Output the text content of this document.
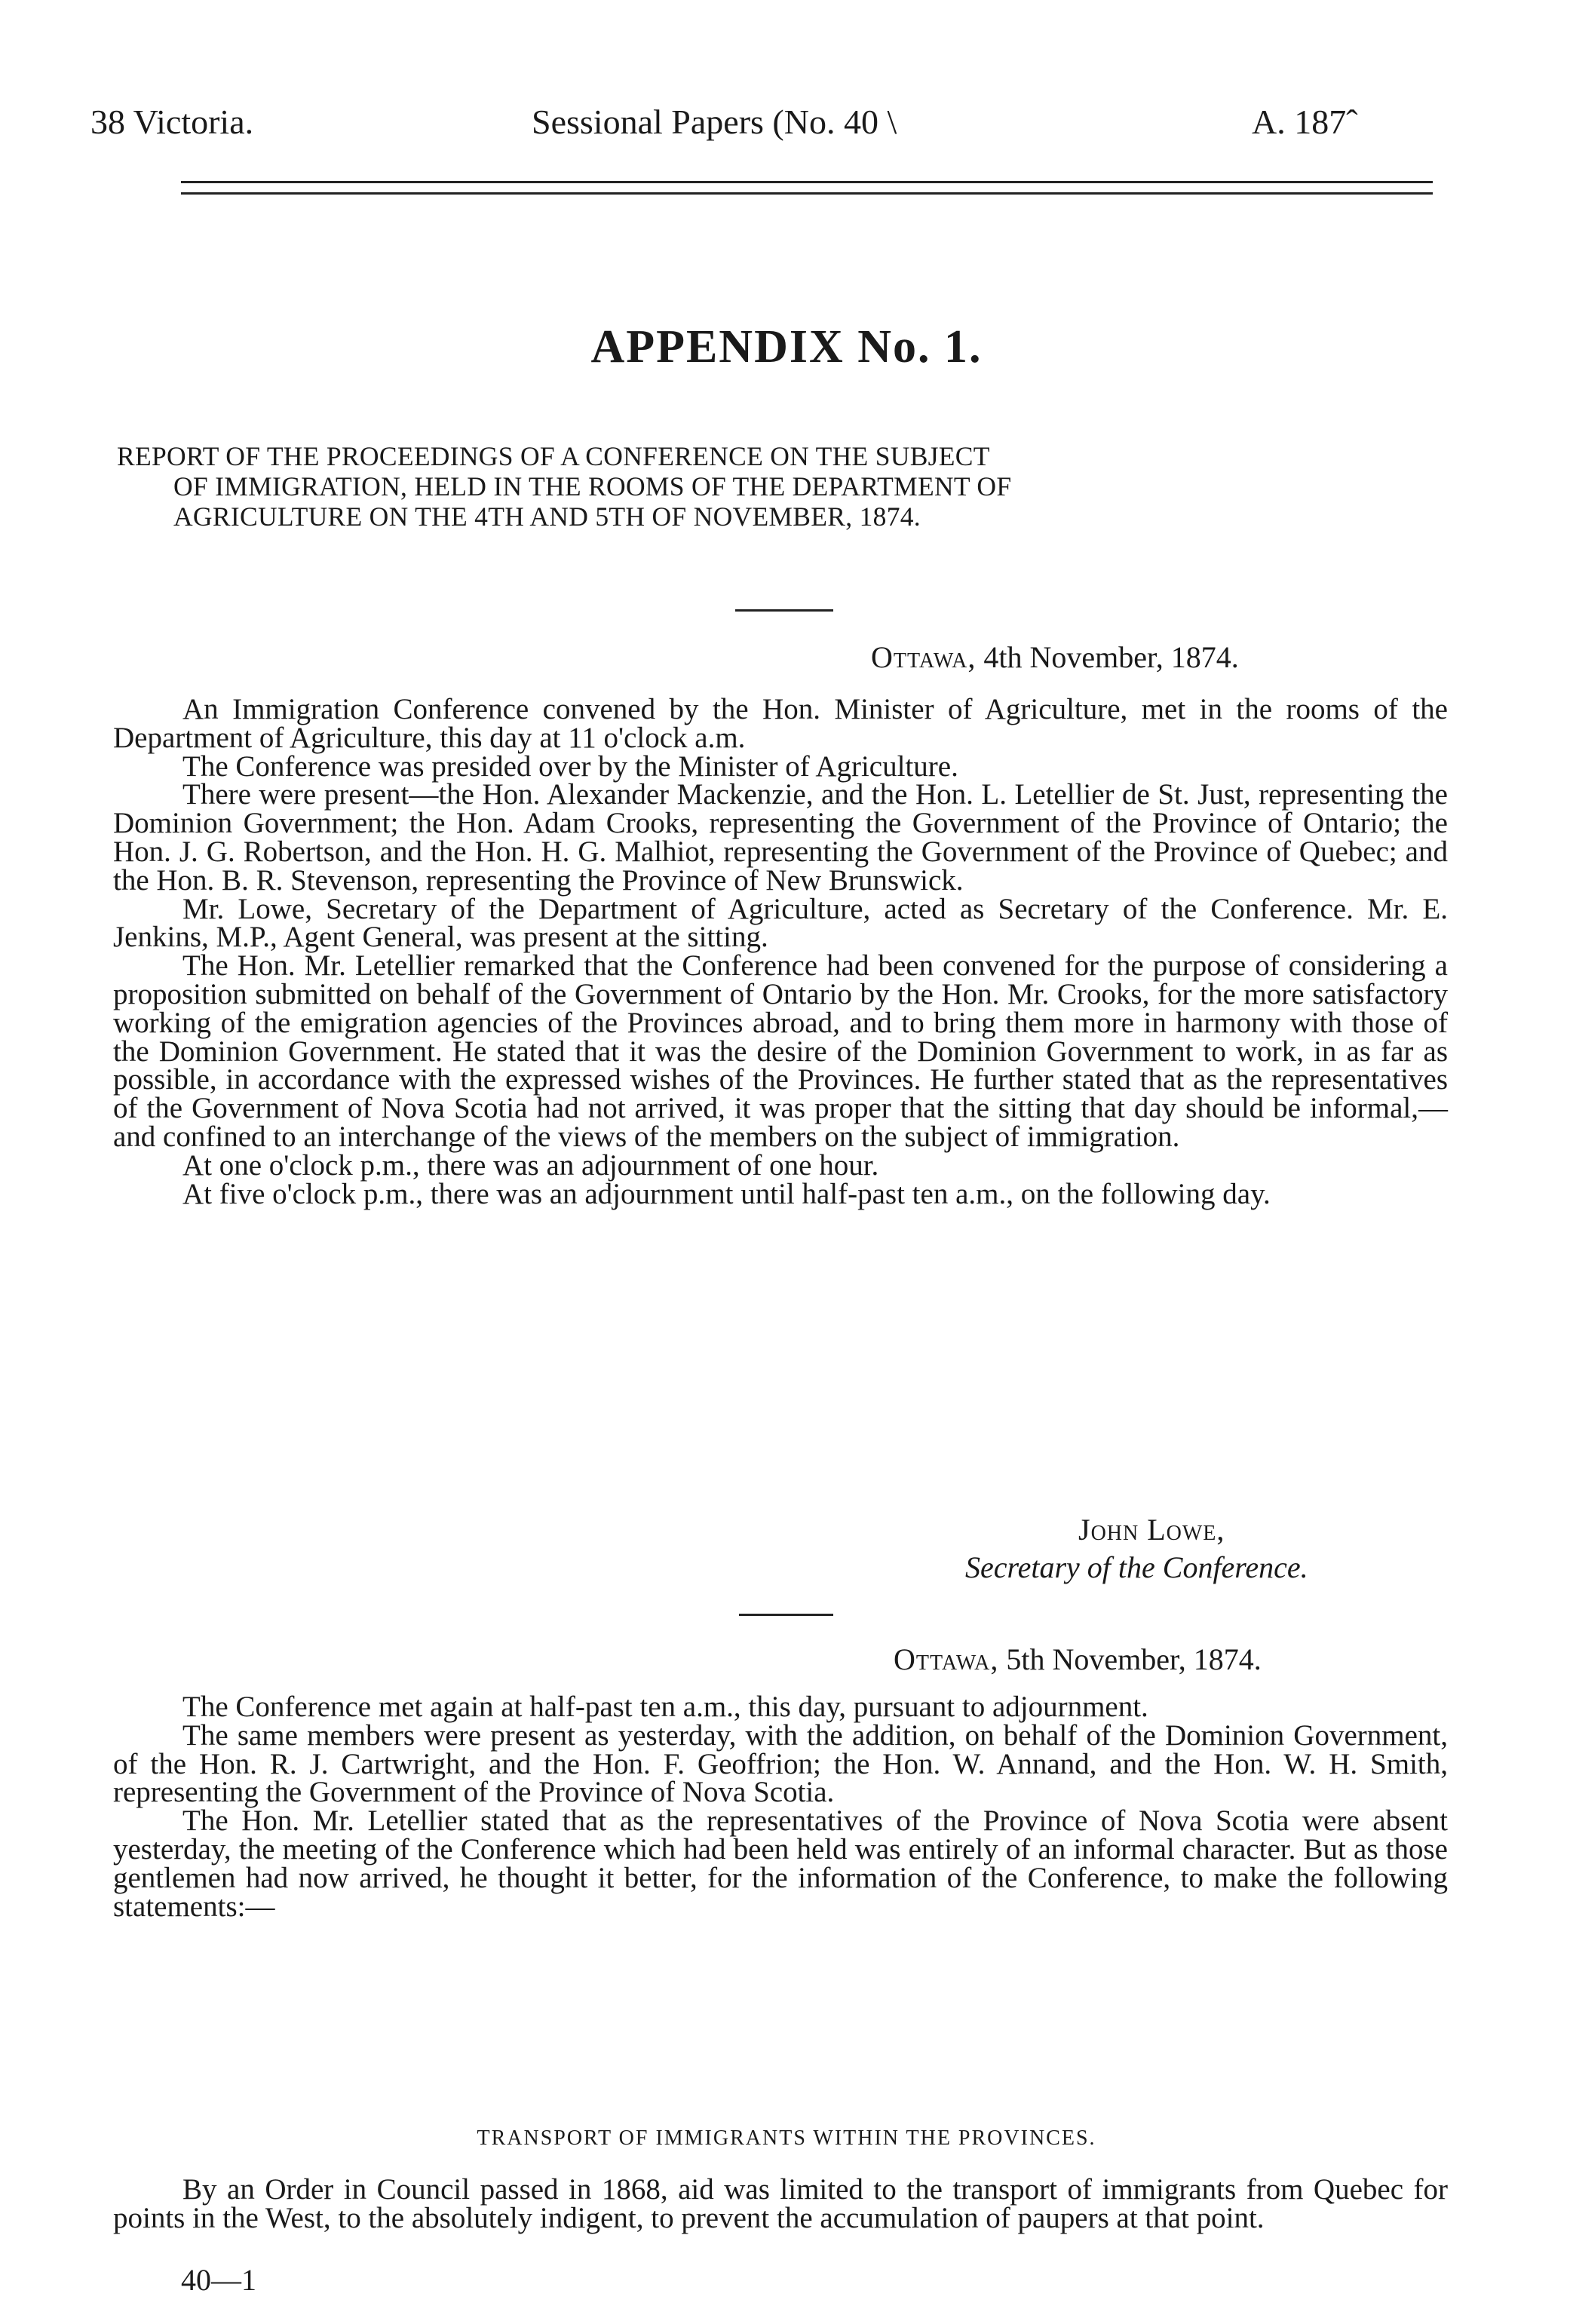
38 Victoria.	Sessional Papers (No. 40 \	A. 187ˆ
APPENDIX No. 1.
REPORT OF THE PROCEEDINGS OF A CONFERENCE ON THE SUBJECT
OF IMMIGRATION, HELD IN THE ROOMS OF THE DEPARTMENT OF
AGRICULTURE ON THE 4TH AND 5TH OF NOVEMBER, 1874.
Ottawa, 4th November, 1874.

An Immigration Conference convened by the Hon. Minister of Agriculture, met in the rooms of the Department of Agriculture, this day at 11 o'clock a.m.

The Conference was presided over by the Minister of Agriculture.

There were present—the Hon. Alexander Mackenzie, and the Hon. L. Letellier de St. Just, representing the Dominion Government; the Hon. Adam Crooks, representing the Government of the Province of Ontario; the Hon. J. G. Robertson, and the Hon. H. G. Malhiot, representing the Government of the Province of Quebec; and the Hon. B. R. Stevenson, representing the Province of New Brunswick.

Mr. Lowe, Secretary of the Department of Agriculture, acted as Secretary of the Conference. Mr. E. Jenkins, M.P., Agent General, was present at the sitting.

The Hon. Mr. Letellier remarked that the Conference had been convened for the purpose of considering a proposition submitted on behalf of the Government of Ontario by the Hon. Mr. Crooks, for the more satisfactory working of the emigration agencies of the Provinces abroad, and to bring them more in harmony with those of the Dominion Government. He stated that it was the desire of the Dominion Government to work, in as far as possible, in accordance with the expressed wishes of the Provinces. He further stated that as the representatives of the Government of Nova Scotia had not arrived, it was proper that the sitting that day should be informal,—and confined to an interchange of the views of the members on the subject of immigration.

At one o'clock p.m., there was an adjournment of one hour.

At five o'clock p.m., there was an adjournment until half-past ten a.m., on the following day.

John Lowe,
Secretary of the Conference.
Ottawa, 5th November, 1874.

The Conference met again at half-past ten a.m., this day, pursuant to adjournment.

The same members were present as yesterday, with the addition, on behalf of the Dominion Government, of the Hon. R. J. Cartwright, and the Hon. F. Geoffrion; the Hon. W. Annand, and the Hon. W. H. Smith, representing the Government of the Province of Nova Scotia.

The Hon. Mr. Letellier stated that as the representatives of the Province of Nova Scotia were absent yesterday, the meeting of the Conference which had been held was entirely of an informal character. But as those gentlemen had now arrived, he thought it better, for the information of the Conference, to make the following statements:—

TRANSPORT OF IMMIGRANTS WITHIN THE PROVINCES.

By an Order in Council passed in 1868, aid was limited to the transport of immigrants from Quebec for points in the West, to the absolutely indigent, to prevent the accumulation of paupers at that point.

40—1
